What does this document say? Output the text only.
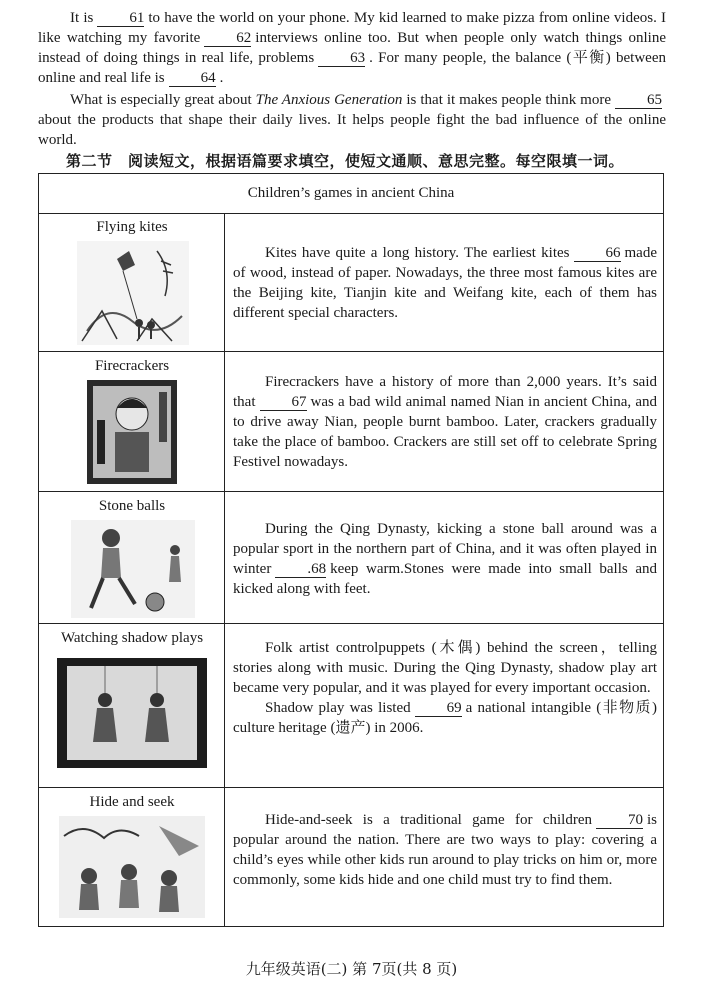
It is 61 to have the world on your phone. My kid learned to make pizza from online videos. I like watching my favorite 62 interviews online too. But when people only watch things online instead of doing things in real life, problems 63 . For many people, the balance (平衡) between online and real life is 64 .
What is especially great about The Anxious Generation is that it makes people think more 65 about the products that shape their daily lives. It helps people fight the bad influence of the online world.
第二节　阅读短文，根据语篇要求填空，使短文通顺、意思完整。每空限填一词。
Children’s games in ancient China
Flying kites

Kites have quite a long history. The earliest kites 66 made of wood, instead of paper. Nowadays, the three most famous kites are the Beijing kite, Tianjin kite and Weifang kite, each of them has different special characters.

Firecrackers

Firecrackers have a history of more than 2,000 years. It’s said that 67 was a bad wild animal named Nian in ancient China, and to drive away Nian, people burnt bamboo. Later, crackers gradually take the place of bamboo. Crackers are still set off to celebrate Spring Festivel nowadays.

Stone balls

During the Qing Dynasty, kicking a stone ball around was a popular sport in the northern part of China, and it was often played in winter .68 keep warm.Stones were made into small balls and kicked along with feet.

Watching shadow plays

Folk artist controlpuppets (木偶) behind the screen，telling stories along with music. During the Qing Dynasty, shadow play art became very popular, and it was played for every important occasion.

Shadow play was listed 69 a national intangible (非物质) culture heritage (遗产) in 2006.

Hide and seek

Hide-and-seek is a traditional game for children 70 is popular around the nation. There are two ways to play: covering a child’s eyes while other kids run around to play tricks on him or, more commonly, some kids hide and one child must try to find them.

九年级英语(二) 第 7页(共 8 页)
